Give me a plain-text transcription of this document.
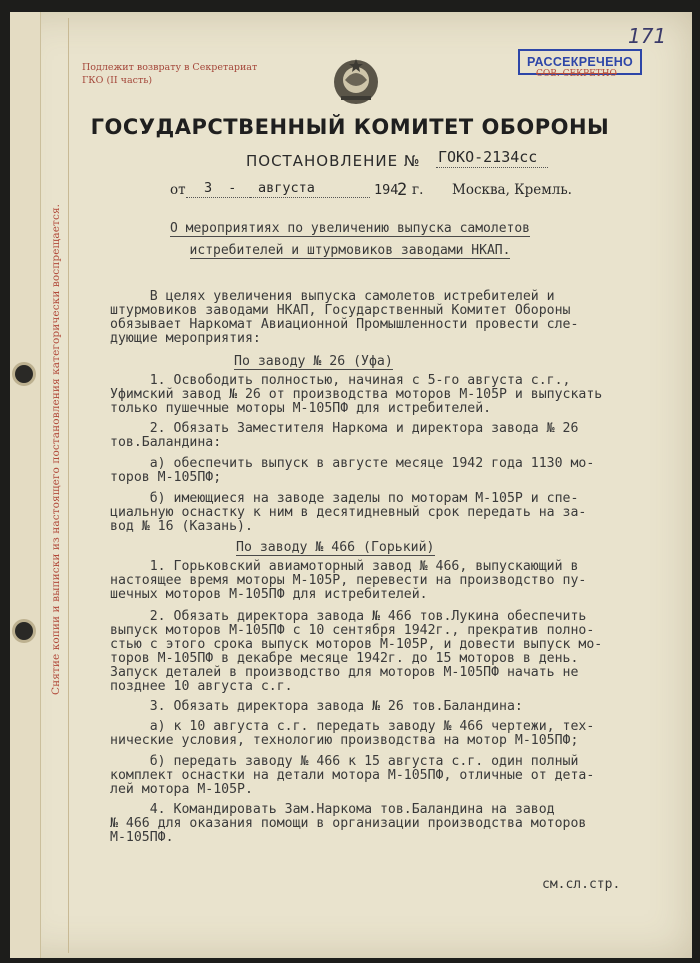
Снятие копии и выписки из настоящего постановления категорически воспрещается.
Подлежит возврату в Секретариат
ГКО (II часть)
171
РАССЕКРЕЧЕНО
СОВ. СЕКРЕТНО
ГОСУДАРСТВЕННЫЙ КОМИТЕТ ОБОРОНЫ
ПОСТАНОВЛЕНИЕ № ГОКО-2134сс
от 3 - августа	194
2 г. Москва, Кремль.
О мероприятиях по увеличению выпуска самолетов
истребителей и штурмовиков заводами НКАП.
В целях увеличения выпуска самолетов истребителей и
штурмовиков заводами НКАП, Государственный Комитет Обороны
обязывает Наркомат Авиационной Промышленности провести сле-
дующие мероприятия:
По заводу № 26 (Уфа)
1. Освободить полностью, начиная с 5-го августа с.г.,
Уфимский завод № 26 от производства моторов М-105Р и выпускать
только пушечные моторы М-105ПФ для истребителей.
2. Обязать Заместителя Наркома и директора завода № 26
тов.Баландина:
а) обеспечить выпуск в августе месяце 1942 года 1130 мо-
торов М-105ПФ;
б) имеющиеся на заводе заделы по моторам М-105Р и спе-
циальную оснастку к ним в десятидневный срок передать на за-
вод № 16 (Казань).
По заводу № 466 (Горький)
1. Горьковский авиамоторный завод № 466, выпускающий в
настоящее время моторы М-105Р, перевести на производство пу-
шечных моторов М-105ПФ для истребителей.
2. Обязать директора завода № 466 тов.Лукина обеспечить
выпуск моторов М-105ПФ с 10 сентября 1942г., прекратив полно-
стью с этого срока выпуск моторов М-105Р, и довести выпуск мо-
торов М-105ПФ в декабре месяце 1942г. до 15 моторов в день.
Запуск деталей в производство для моторов М-105ПФ начать не
позднее 10 августа с.г.
3. Обязать директора завода № 26 тов.Баландина:
а) к 10 августа с.г. передать заводу № 466 чертежи, тех-
нические условия, технологию производства на мотор М-105ПФ;
б) передать заводу № 466 к 15 августа с.г. один полный
комплект оснастки на детали мотора М-105ПФ, отличные от дета-
лей мотора М-105Р.
4. Командировать Зам.Наркома тов.Баландина на завод
№ 466 для оказания помощи в организации производства моторов
М-105ПФ.
см.сл.стр.
